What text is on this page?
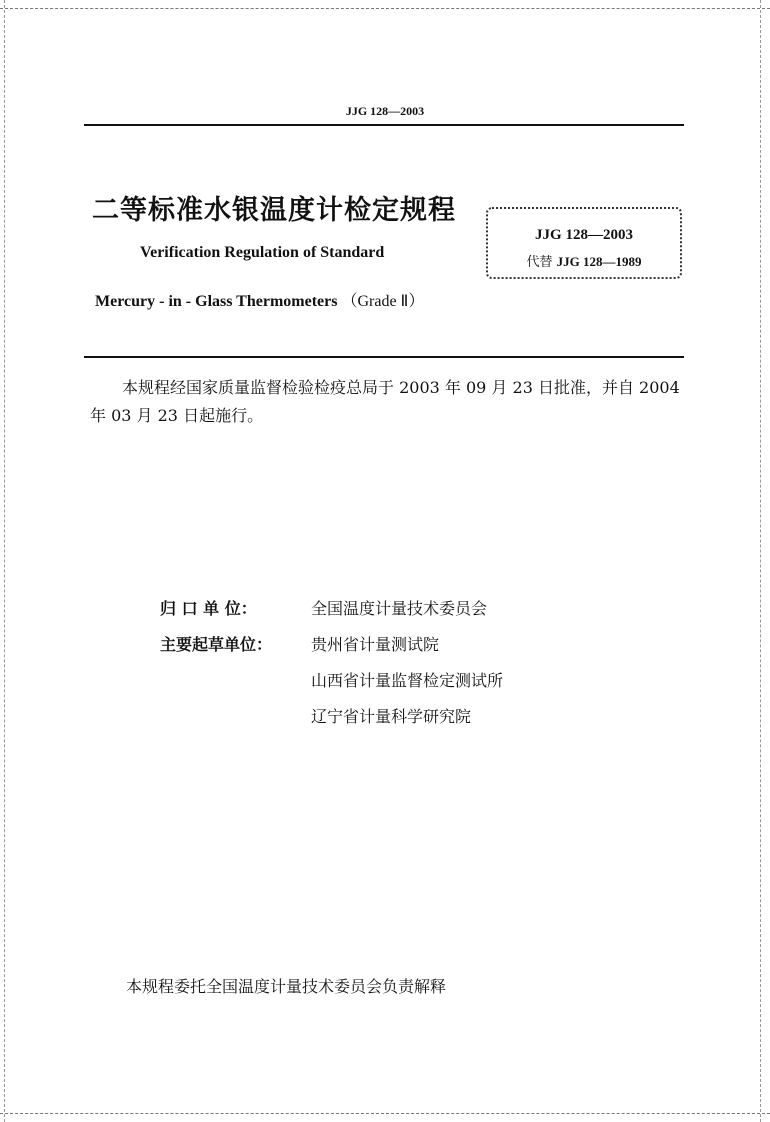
JJG 128—2003
二等标准水银温度计检定规程
Verification Regulation of Standard
Mercury - in - Glass Thermometers （Grade Ⅱ）
JJG 128—2003
代替 JJG 128—1989
本规程经国家质量监督检验检疫总局于 2003 年 09 月 23 日批准，并自 2004 年 03 月 23 日起施行。
归 口 单 位：	全国温度计量技术委员会
主要起草单位： 贵州省计量测试院
山西省计量监督检定测试所
辽宁省计量科学研究院
本规程委托全国温度计量技术委员会负责解释
